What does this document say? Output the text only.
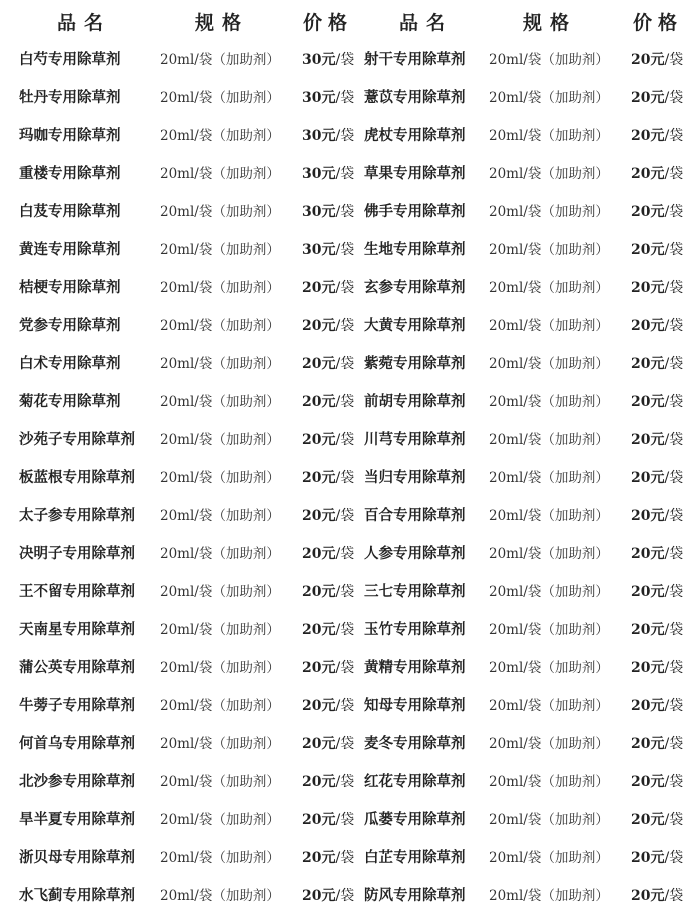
品名	规格	价格 品名	规格	价格
白芍专用除草剂	20ml/袋（加助剂） 30元/袋 射干专用除草剂 20ml/袋（加助剂） 20元/袋
牡丹专用除草剂	20ml/袋（加助剂） 30元/袋 薏苡专用除草剂 20ml/袋（加助剂） 20元/袋
玛咖专用除草剂	20ml/袋（加助剂） 30元/袋 虎杖专用除草剂 20ml/袋（加助剂） 20元/袋
重楼专用除草剂	20ml/袋（加助剂） 30元/袋 草果专用除草剂 20ml/袋（加助剂） 20元/袋
白芨专用除草剂	20ml/袋（加助剂） 30元/袋 佛手专用除草剂 20ml/袋（加助剂） 20元/袋
黄连专用除草剂	20ml/袋（加助剂） 30元/袋 生地专用除草剂 20ml/袋（加助剂） 20元/袋
桔梗专用除草剂	20ml/袋（加助剂） 20元/袋 玄参专用除草剂 20ml/袋（加助剂） 20元/袋
党参专用除草剂	20ml/袋（加助剂） 20元/袋 大黄专用除草剂 20ml/袋（加助剂） 20元/袋
白术专用除草剂	20ml/袋（加助剂） 20元/袋 紫菀专用除草剂 20ml/袋（加助剂） 20元/袋
菊花专用除草剂	20ml/袋（加助剂） 20元/袋 前胡专用除草剂 20ml/袋（加助剂） 20元/袋
沙苑子专用除草剂 20ml/袋（加助剂） 20元/袋 川芎专用除草剂 20ml/袋（加助剂） 20元/袋
板蓝根专用除草剂 20ml/袋（加助剂） 20元/袋 当归专用除草剂 20ml/袋（加助剂） 20元/袋
太子参专用除草剂 20ml/袋（加助剂） 20元/袋 百合专用除草剂 20ml/袋（加助剂） 20元/袋
决明子专用除草剂 20ml/袋（加助剂） 20元/袋 人参专用除草剂 20ml/袋（加助剂） 20元/袋
王不留专用除草剂 20ml/袋（加助剂） 20元/袋 三七专用除草剂 20ml/袋（加助剂） 20元/袋
天南星专用除草剂 20ml/袋（加助剂） 20元/袋 玉竹专用除草剂 20ml/袋（加助剂） 20元/袋
蒲公英专用除草剂 20ml/袋（加助剂） 20元/袋 黄精专用除草剂 20ml/袋（加助剂） 20元/袋
牛蒡子专用除草剂 20ml/袋（加助剂） 20元/袋 知母专用除草剂 20ml/袋（加助剂） 20元/袋
何首乌专用除草剂 20ml/袋（加助剂） 20元/袋 麦冬专用除草剂 20ml/袋（加助剂） 20元/袋
北沙参专用除草剂 20ml/袋（加助剂） 20元/袋 红花专用除草剂 20ml/袋（加助剂） 20元/袋
旱半夏专用除草剂 20ml/袋（加助剂） 20元/袋 瓜蒌专用除草剂 20ml/袋（加助剂） 20元/袋
浙贝母专用除草剂 20ml/袋（加助剂） 20元/袋 白芷专用除草剂 20ml/袋（加助剂） 20元/袋
水飞蓟专用除草剂 20ml/袋（加助剂） 20元/袋 防风专用除草剂 20ml/袋（加助剂） 20元/袋
